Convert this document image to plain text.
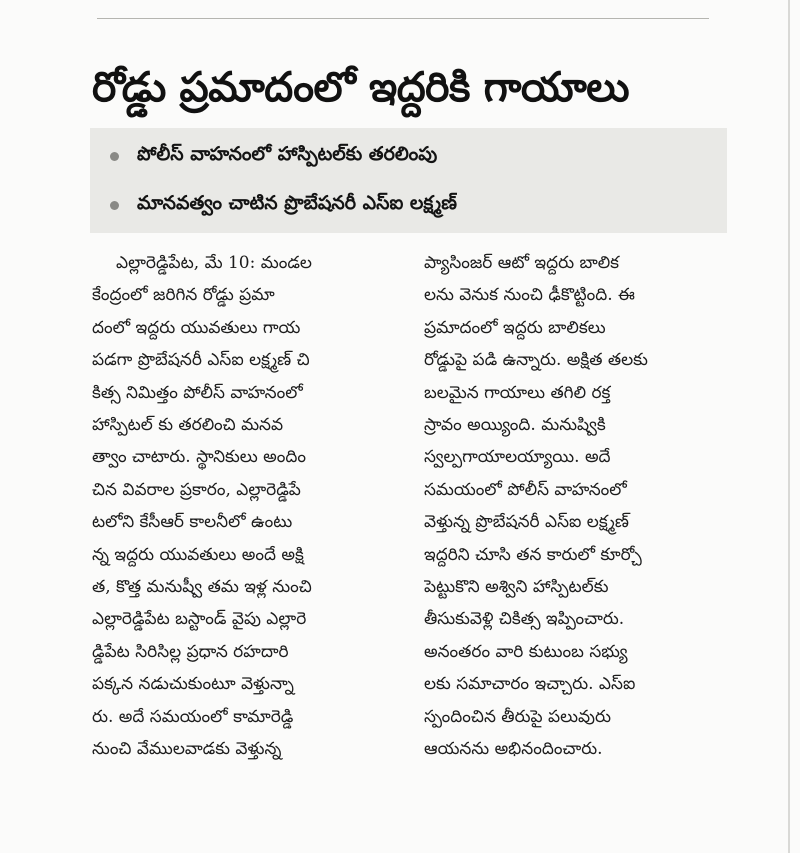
రోడ్డు ప్రమాదంలో ఇద్దరికి గాయాలు
పోలీస్ వాహనంలో హాస్పిటల్‌కు తరలింపు
మానవత్వం చాటిన ప్రొబేషనరీ ఎస్ఐ లక్ష్మణ్
ఎల్లారెడ్డిపేట, మే 10: మండల
కేంద్రంలో జరిగిన రోడ్డు ప్రమా
దంలో ఇద్దరు యువతులు గాయ
పడగా ప్రొబేషనరీ ఎస్ఐ లక్ష్మణ్ చి
కిత్స నిమిత్తం పోలీస్ వాహనంలో
హాస్పిటల్ కు తరలించి మనవ
త్వాం చాటారు. స్థానికులు అందిం
చిన వివరాల ప్రకారం, ఎల్లారెడ్డిపే
టలోని కేసీఆర్ కాలనీలో ఉంటు
న్న ఇద్దరు యువతులు అందే అక్షి
త, కొత్త మనుష్వీ తమ ఇళ్ల నుంచి
ఎల్లారెడ్డిపేట బస్టాండ్ వైపు ఎల్లారె
డ్డిపేట సిరిసిల్ల ప్రధాన రహదారి
పక్కన నడుచుకుంటూ వెళ్తున్నా
రు. అదే సమయంలో కామారెడ్డి
నుంచి వేములవాడకు వెళ్తున్న
ప్యాసింజర్ ఆటో ఇద్దరు బాలిక
లను వెనుక నుంచి ఢీకొట్టింది. ఈ
ప్రమాదంలో ఇద్దరు బాలికలు
రోడ్డుపై పడి ఉన్నారు. అక్షిత తలకు
బలమైన గాయాలు తగిలి రక్త
స్రావం అయ్యింది. మనుష్వికి
స్వల్పగాయాలయ్యాయి. అదే
సమయంలో పోలీస్ వాహనంలో
వెళ్తున్న ప్రొబేషనరీ ఎస్ఐ లక్ష్మణ్
ఇద్దరిని చూసి తన కారులో కూర్చో
పెట్టుకొని అశ్విని హాస్పిటల్‌కు
తీసుకువెళ్లి చికిత్స ఇప్పించారు.
అనంతరం వారి కుటుంబ సభ్యు
లకు సమాచారం ఇచ్చారు. ఎస్ఐ
స్పందించిన తీరుపై పలువురు
ఆయనను అభినందించారు.
